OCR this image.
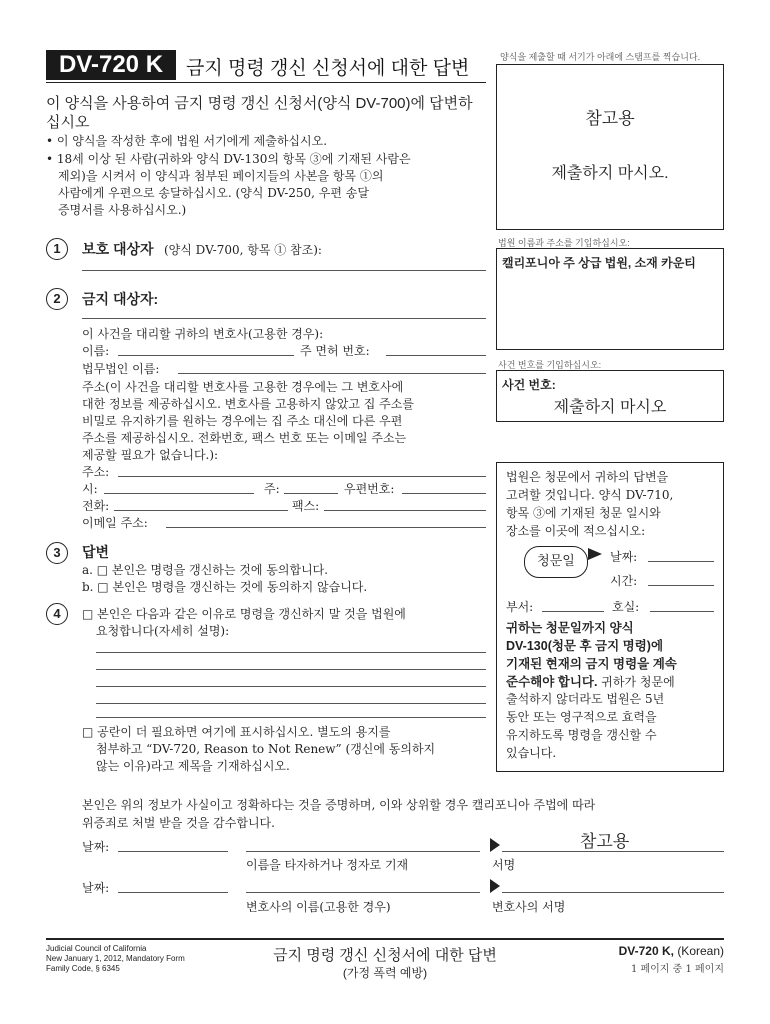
DV-720 K	금지 명령 갱신 신청서에 대한 답변
양식을 제출할 때 서기가 아래에 스탬프를 찍습니다.
참고용
제출하지 마시오.
이 양식을 사용하여 금지 명령 갱신 신청서(양식 DV-700)에 답변하십시오
• 이 양식을 작성한 후에 법원 서기에게 제출하십시오.
• 18세 이상 된 사람(귀하와 양식 DV-130의 항목 ③에 기재된 사람은
제외)을 시켜서 이 양식과 첨부된 페이지들의 사본을 항목 ①의
사람에게 우편으로 송달하십시오. (양식 DV-250, 우편 송달
증명서를 사용하십시오.)
법원 이름과 주소를 기입하십시오:
캘리포니아 주 상급 법원, 소재 카운티
사건 번호를 기입하십시오:
사건 번호:
제출하지 마시오
1	보호 대상자 (양식 DV-700, 항목 ① 참조):
2	금지 대상자:
이 사건을 대리할 귀하의 변호사(고용한 경우):
이름:	주 면허 번호:
법무법인 이름:
주소(이 사건을 대리할 변호사를 고용한 경우에는 그 변호사에
대한 정보를 제공하십시오. 변호사를 고용하지 않았고 집 주소를
비밀로 유지하기를 원하는 경우에는 집 주소 대신에 다른 우편
주소를 제공하십시오. 전화번호, 팩스 번호 또는 이메일 주소는
제공할 필요가 없습니다.):
주소:
시:	주:	우편번호:
전화:	팩스:
이메일 주소:
3	답변
a. □ 본인은 명령을 갱신하는 것에 동의합니다.
b. □ 본인은 명령을 갱신하는 것에 동의하지 않습니다.
4	□ 본인은 다음과 같은 이유로 명령을 갱신하지 말 것을 법원에
요청합니다(자세히 설명):
□ 공란이 더 필요하면 여기에 표시하십시오. 별도의 용지를
첨부하고 “DV-720, Reason to Not Renew” (갱신에 동의하지
않는 이유)라고 제목을 기재하십시오.
법원은 청문에서 귀하의 답변을
고려할 것입니다. 양식 DV-710,
항목 ③에 기재된 청문 일시와
장소를 이곳에 적으십시오:
청문일	날짜:
시간:
부서:	호실:
귀하는 청문일까지 양식
DV-130(청문 후 금지 명령)에
기재된 현재의 금지 명령을 계속
준수해야 합니다. 귀하가 청문에
출석하지 않더라도 법원은 5년
동안 또는 영구적으로 효력을
유지하도록 명령을 갱신할 수
있습니다.
본인은 위의 정보가 사실이고 정확하다는 것을 증명하며, 이와 상위할 경우 캘리포니아 주법에 따라
위증죄로 처벌 받을 것을 감수합니다.
날짜:	참고용
이름을 타자하거나 정자로 기재	서명
날짜:
변호사의 이름(고용한 경우)	변호사의 서명
Judicial Council of California
New January 1, 2012, Mandatory Form
Family Code, § 6345
금지 명령 갱신 신청서에 대한 답변
(가정 폭력 예방)
DV-720 K, (Korean)
1 페이지 중 1 페이지
